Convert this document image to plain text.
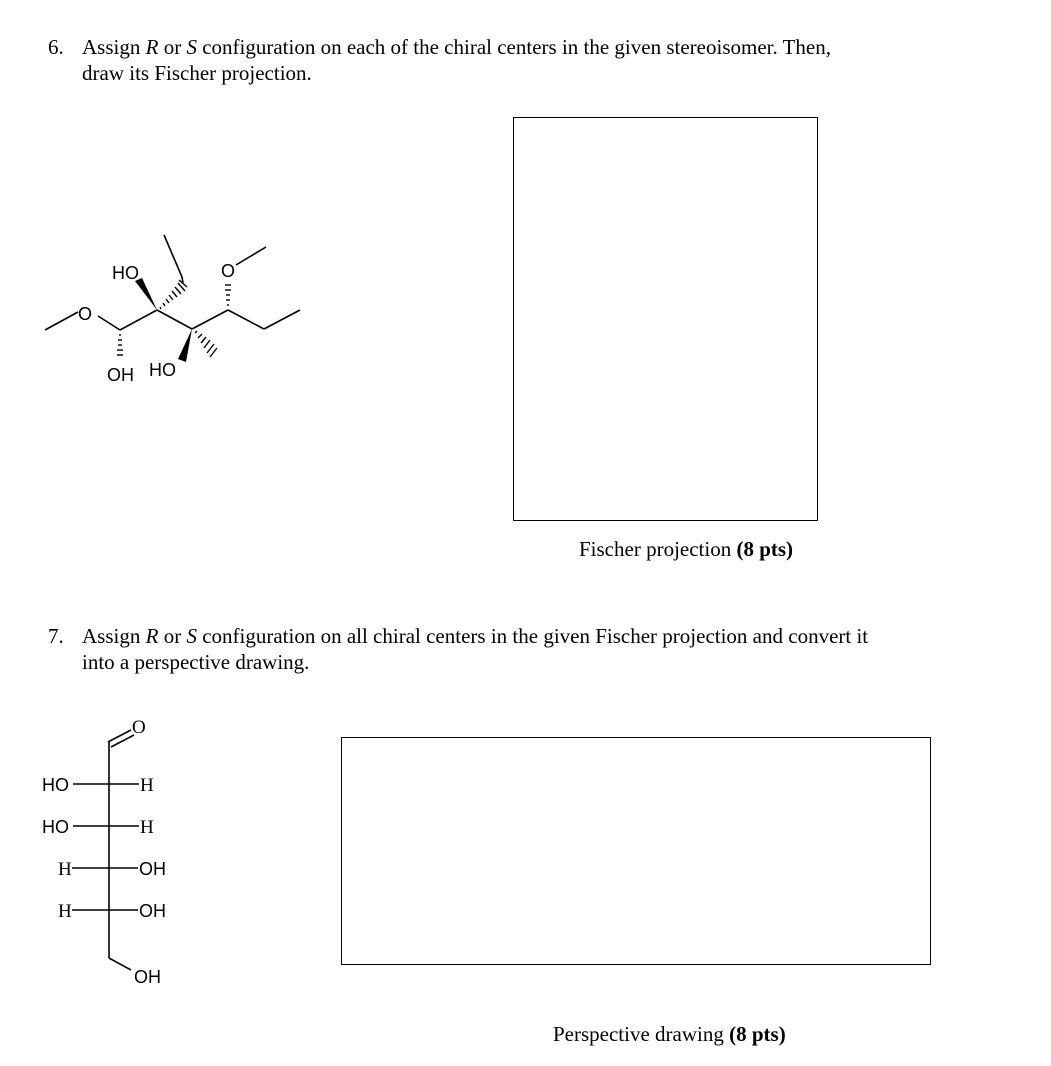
6. Assign R or S configuration on each of the chiral centers in the given stereoisomer. Then,
draw its Fischer projection.
O
HO	O
OH HO
Fischer projection (8 pts)
7. Assign R or S configuration on all chiral centers in the given Fischer projection and convert it
into a perspective drawing.
O
HO	H
HO	H
H	OH
H	OH
OH
Perspective drawing (8 pts)
